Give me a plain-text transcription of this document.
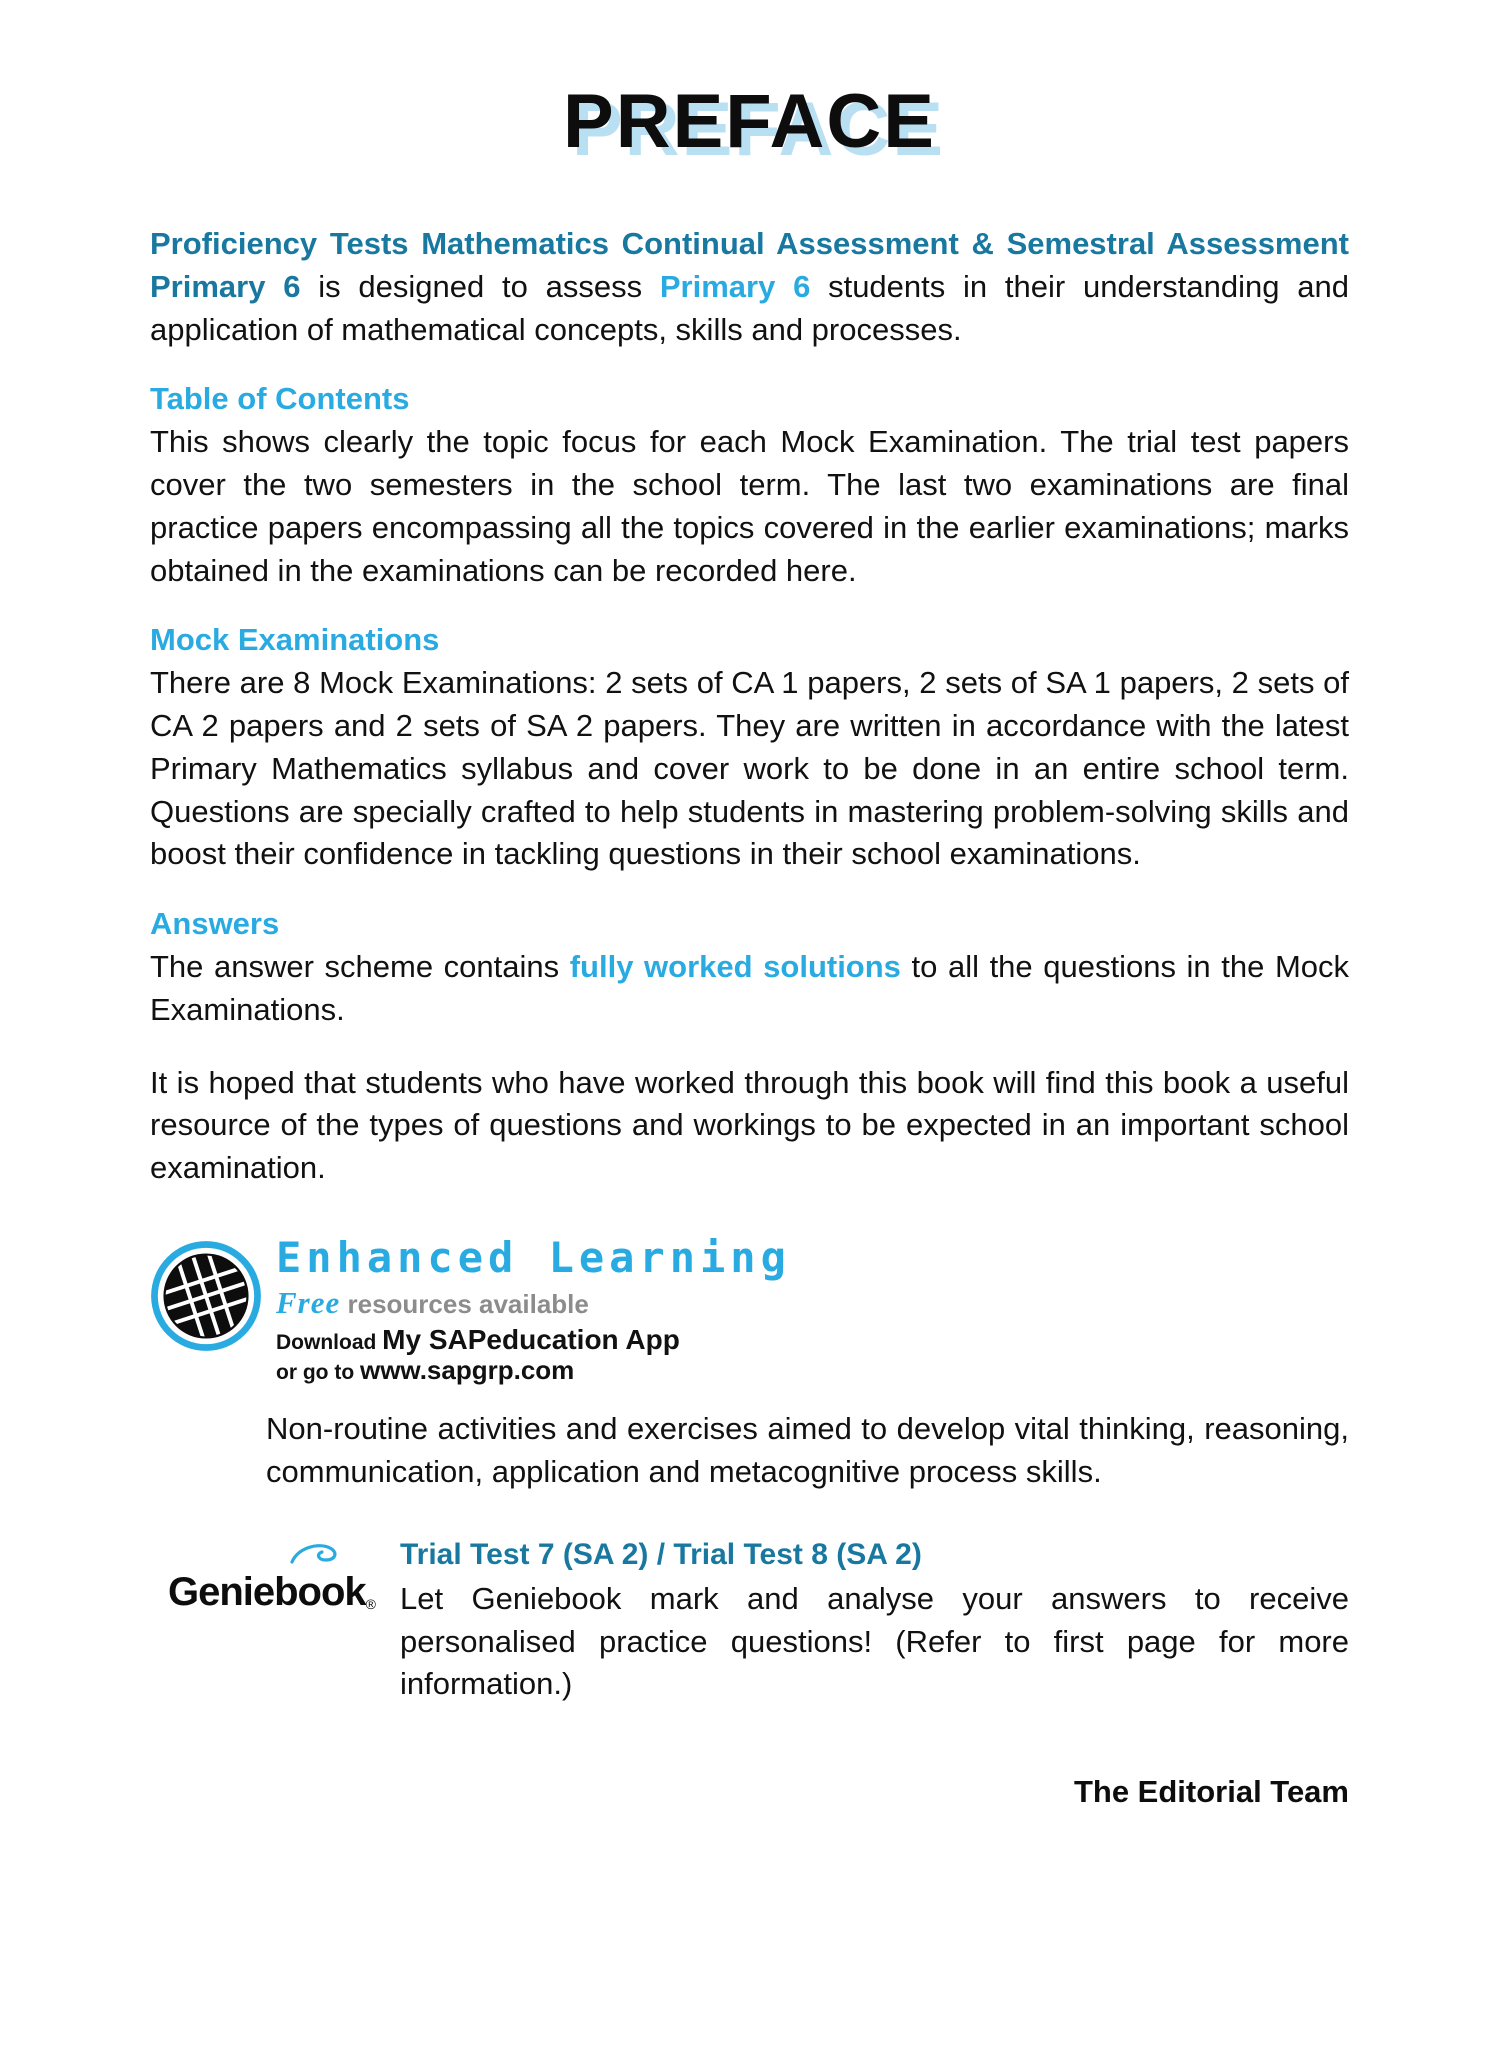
PREFACE

Proficiency Tests Mathematics Continual Assessment & Semestral Assessment Primary 6 is designed to assess Primary 6 students in their understanding and application of mathematical concepts, skills and processes.

Table of Contents

This shows clearly the topic focus for each Mock Examination. The trial test papers cover the two semesters in the school term. The last two examinations are final practice papers encompassing all the topics covered in the earlier examinations; marks obtained in the examinations can be recorded here.

Mock Examinations

There are 8 Mock Examinations: 2 sets of CA 1 papers, 2 sets of SA 1 papers, 2 sets of CA 2 papers and 2 sets of SA 2 papers. They are written in accordance with the latest Primary Mathematics syllabus and cover work to be done in an entire school term. Questions are specially crafted to help students in mastering problem-solving skills and boost their confidence in tackling questions in their school examinations.

Answers

The answer scheme contains fully worked solutions to all the questions in the Mock Examinations.

It is hoped that students who have worked through this book will find this book a useful resource of the types of questions and workings to be expected in an important school examination.

Enhanced Learning
Free resources available
Download My SAPeducation App
or go to www.sapgrp.com

Non-routine activities and exercises aimed to develop vital thinking, reasoning, communication, application and metacognitive process skills.

Geniebook®
Trial Test 7 (SA 2) / Trial Test 8 (SA 2)

Let Geniebook mark and analyse your answers to receive personalised practice questions! (Refer to first page for more information.)

The Editorial Team
